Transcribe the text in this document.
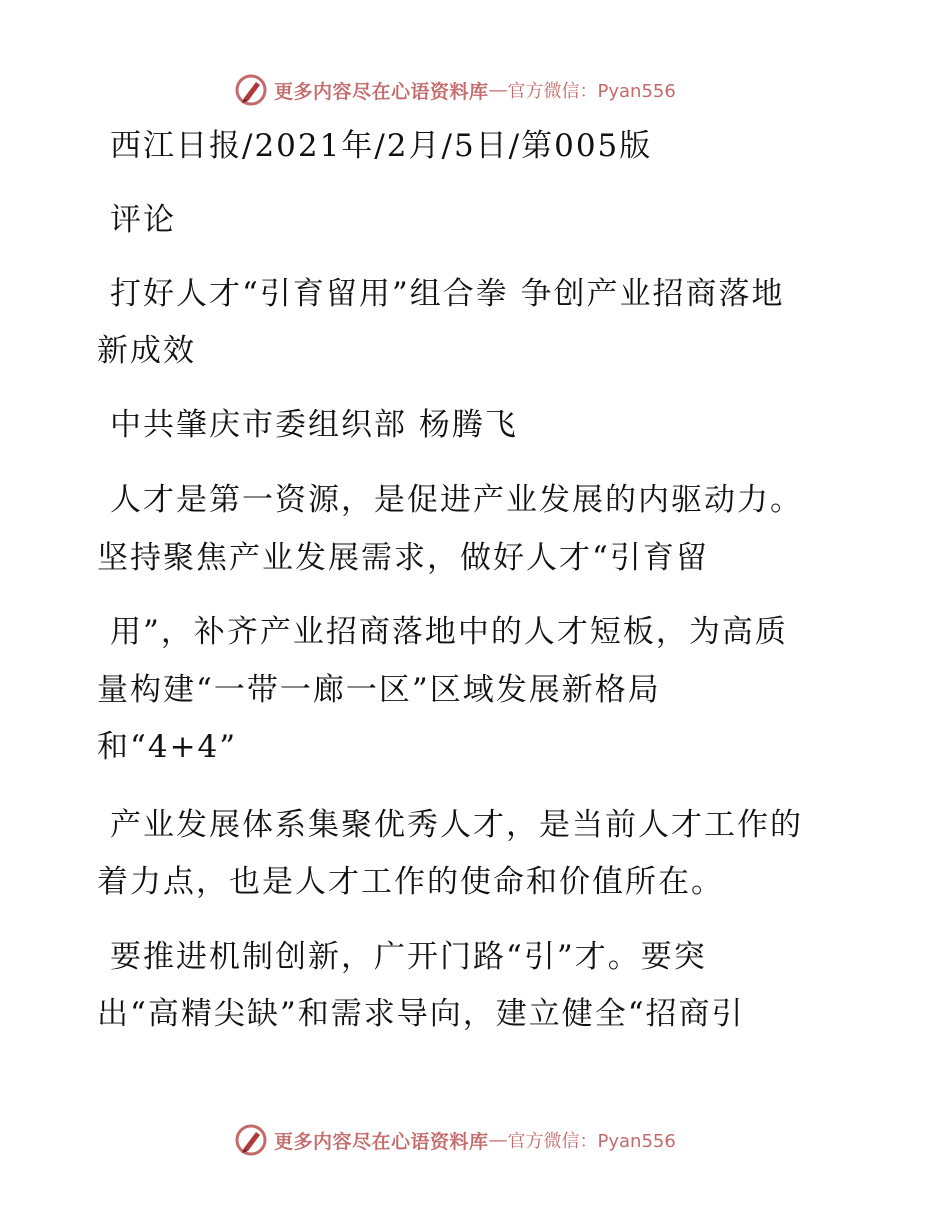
更多内容尽在心语资料库 — 官方微信：Pyan556
西江日报/2021年/2月/5日/第005版
评论
打好人才“引育留用”组合拳 争创产业招商落地
新成效
中共肇庆市委组织部 杨腾飞
人才是第一资源，是促进产业发展的内驱动力。
坚持聚焦产业发展需求，做好人才“引育留
用”，补齐产业招商落地中的人才短板，为高质
量构建“一带一廊一区”区域发展新格局
和“4+4”
产业发展体系集聚优秀人才，是当前人才工作的
着力点，也是人才工作的使命和价值所在。
要推进机制创新，广开门路“引”才。要突
出“高精尖缺”和需求导向，建立健全“招商引
更多内容尽在心语资料库 — 官方微信：Pyan556
